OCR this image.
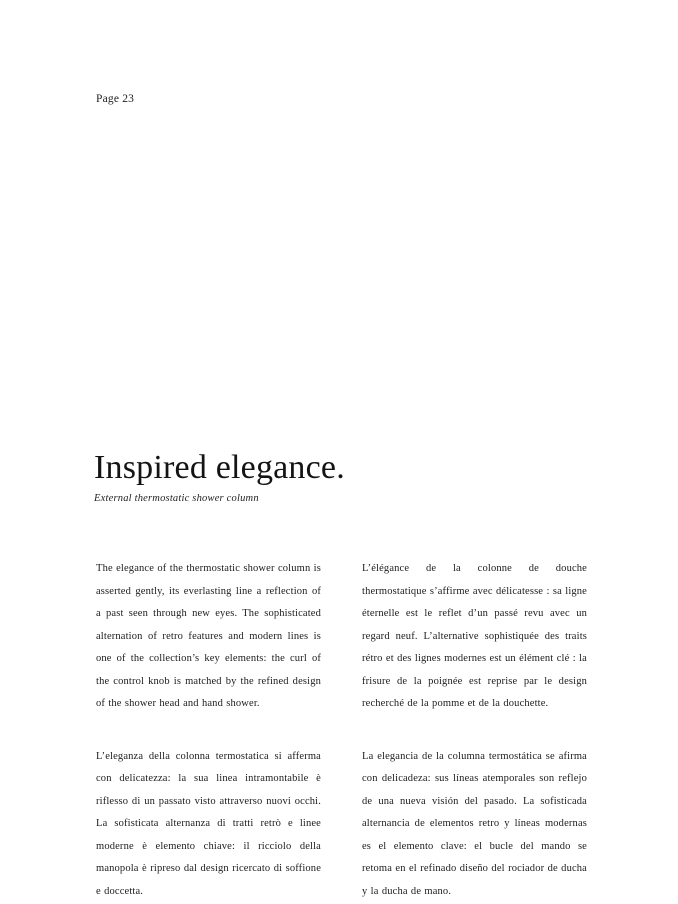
Page 23
Inspired elegance.
External thermostatic shower column

The elegance of the thermostatic shower column is asserted gently, its everlasting line a reflection of a past seen through new eyes. The sophisticated alternation of retro features and modern lines is one of the collection’s key elements: the curl of the control knob is matched by the refined design of the shower head and hand shower.

L’eleganza della colonna termostatica si afferma con delicatezza: la sua linea intramontabile è riflesso di un passato visto attraverso nuovi occhi. La sofisticata alternanza di tratti retrò e linee moderne è elemento chiave: il ricciolo della manopola è ripreso dal design ricercato di soffione e doccetta.

L’élégance de la colonne de douche thermostatique s’affirme avec délicatesse : sa ligne éternelle est le reflet d’un passé revu avec un regard neuf. L’alternative sophistiquée des traits rétro et des lignes modernes est un élément clé : la frisure de la poignée est reprise par le design recherché de la pomme et de la douchette.

La elegancia de la columna termostática se afirma con delicadeza: sus líneas atemporales son reflejo de una nueva visión del pasado. La sofisticada alternancia de elementos retro y líneas modernas es el elemento clave: el bucle del mando se retoma en el refinado diseño del rociador de ducha y la ducha de mano.
